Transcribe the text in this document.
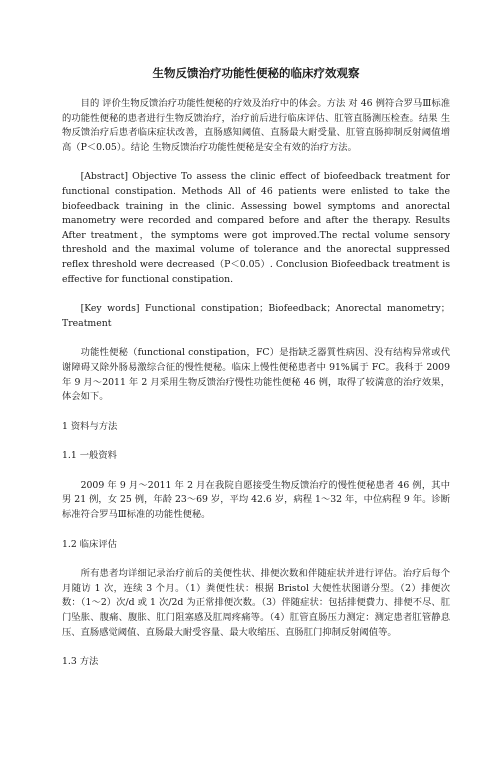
生物反馈治疗功能性便秘的临床疗效观察

目的 评价生物反馈治疗功能性便秘的疗效及治疗中的体会。方法 对 46 例符合罗马Ⅲ标准的功能性便秘的患者进行生物反馈治疗，治疗前后进行临床评估、肛管直肠测压检查。结果 生物反馈治疗后患者临床症状改善，直肠感知阈值、直肠最大耐受量、肛管直肠抑制反射阈值增高（P＜0.05）。结论 生物反馈治疗功能性便秘是安全有效的治疗方法。

[Abstract] Objective To assess the clinic effect of biofeedback treatment for functional constipation. Methods All of 46 patients were enlisted to take the biofeedback training in the clinic. Assessing bowel symptoms and anorectal manometry were recorded and compared before and after the therapy. Results After treatment，the symptoms were got improved.The rectal volume sensory threshold and the maximal volume of tolerance and the anorectal suppressed reflex threshold were decreased（P＜0.05）. Conclusion Biofeedback treatment is effective for functional constipation.

[Key words] Functional constipation；Biofeedback；Anorectal manometry；Treatment

功能性便秘（functional constipation，FC）是指缺乏器質性病因、没有结构异常或代谢障碍又除外肠易激综合征的慢性便秘。临床上慢性便秘患者中 91%属于 FC。我科于 2009 年 9 月～2011 年 2 月采用生物反馈治疗慢性功能性便秘 46 例，取得了较満意的治疗效果，体会如下。

1 资料与方法

1.1 一般资料

2009 年 9 月～2011 年 2 月在我院自愿接受生物反馈治疗的慢性便秘患者 46 例，其中男 21 例，女 25 例，年龄 23～69 岁，平均 42.6 岁，病程 1～32 年，中位病程 9 年。诊断标准符合罗马Ⅲ标准的功能性便秘。

1.2 临床评估

所有患者均详细记录治疗前后的美便性状、排便次数和伴随症状并进行评估。治疗后每个月随访 1 次，连续 3 个月。（1）粪便性状：根据 Bristol 大便性状图谱分型。（2）排便次数：（1～2）次/d 或 1 次/2d 为正常排便次数。（3）伴随症状：包括排便費力、排便不尽、肛门坠胀、腹痛、腹胀、肛门阻塞感及肛周疼痛等。（4）肛管直肠压力测定：测定患者肛管静息压、直肠感觉阈值、直肠最大耐受容量、最大收缩压、直肠肛门抑制反射阈值等。

1.3 方法
